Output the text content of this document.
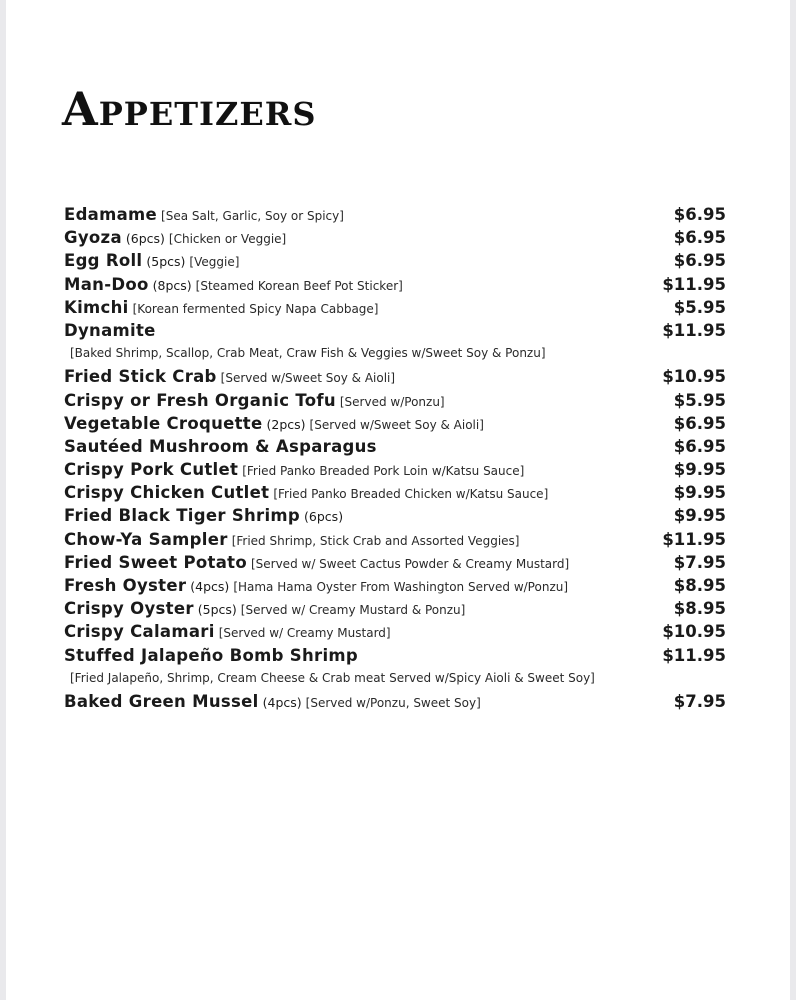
Appetizers
Edamame [Sea Salt, Garlic, Soy or Spicy]	$6.95
Gyoza (6pcs) [Chicken or Veggie]	$6.95
Egg Roll (5pcs) [Veggie]	$6.95
Man-Doo (8pcs) [Steamed Korean Beef Pot Sticker]	$11.95
Kimchi [Korean fermented Spicy Napa Cabbage]	$5.95
Dynamite	$11.95
[Baked Shrimp, Scallop, Crab Meat, Craw Fish & Veggies w/Sweet Soy & Ponzu]
Fried Stick Crab [Served w/Sweet Soy & Aioli]	$10.95
Crispy or Fresh Organic Tofu [Served w/Ponzu]	$5.95
Vegetable Croquette (2pcs) [Served w/Sweet Soy & Aioli]	$6.95
Sautéed Mushroom & Asparagus	$6.95
Crispy Pork Cutlet [Fried Panko Breaded Pork Loin w/Katsu Sauce]	$9.95
Crispy Chicken Cutlet [Fried Panko Breaded Chicken w/Katsu Sauce]	$9.95
Fried Black Tiger Shrimp (6pcs)	$9.95
Chow-Ya Sampler [Fried Shrimp, Stick Crab and Assorted Veggies]	$11.95
Fried Sweet Potato [Served w/ Sweet Cactus Powder & Creamy Mustard]	$7.95
Fresh Oyster (4pcs) [Hama Hama Oyster From Washington Served w/Ponzu]	$8.95
Crispy Oyster (5pcs) [Served w/ Creamy Mustard & Ponzu]	$8.95
Crispy Calamari [Served w/ Creamy Mustard]	$10.95
Stuffed Jalapeño Bomb Shrimp	$11.95
[Fried Jalapeño, Shrimp, Cream Cheese & Crab meat Served w/Spicy Aioli & Sweet Soy]
Baked Green Mussel (4pcs) [Served w/Ponzu, Sweet Soy]	$7.95
